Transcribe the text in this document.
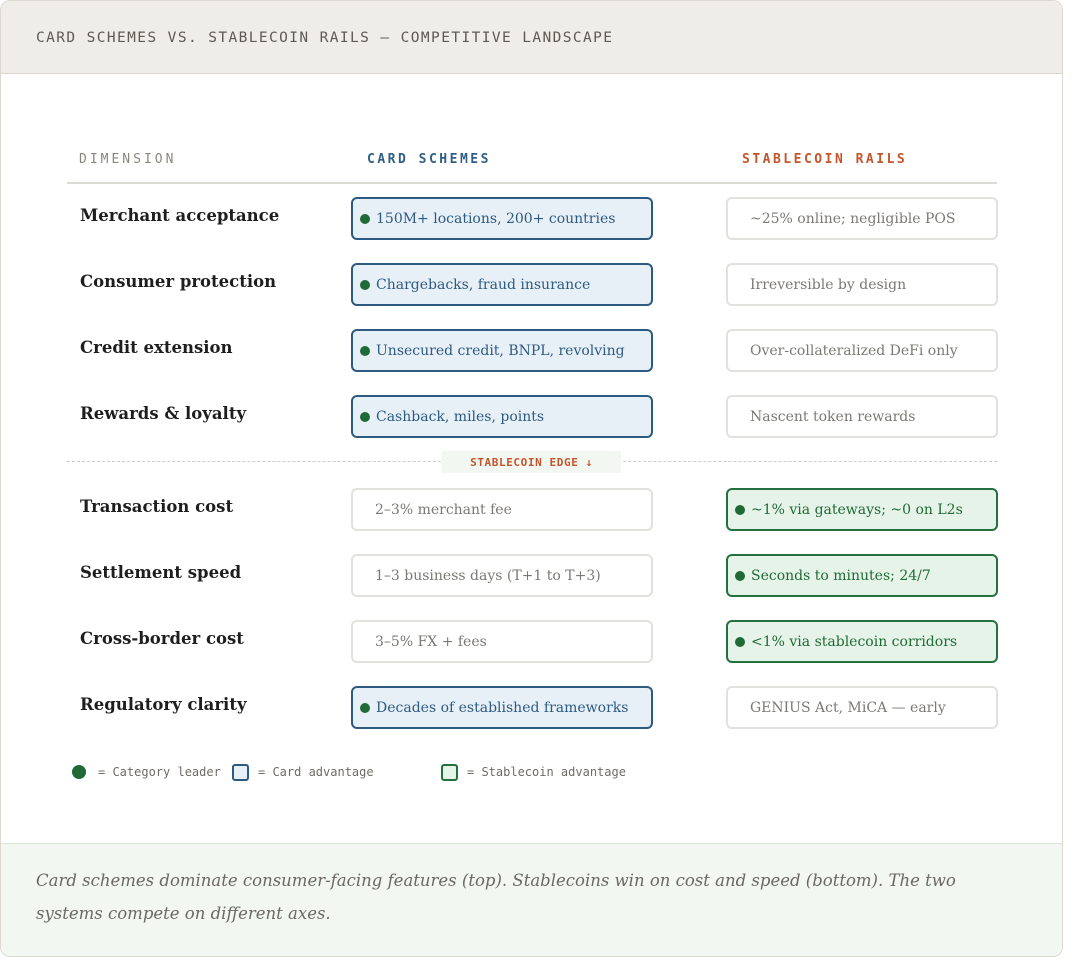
CARD SCHEMES VS. STABLECOIN RAILS — COMPETITIVE LANDSCAPE
DIMENSION	CARD SCHEMES	STABLECOIN RAILS
Merchant acceptance	150M+ locations, 200+ countries	~25% online; negligible POS
Consumer protection	Chargebacks, fraud insurance	Irreversible by design
Credit extension	Unsecured credit, BNPL, revolving	Over-collateralized DeFi only
Rewards & loyalty	Cashback, miles, points	Nascent token rewards
STABLECOIN EDGE ↓
Transaction cost	2–3% merchant fee	~1% via gateways; ~0 on L2s
Settlement speed	1–3 business days (T+1 to T+3)	Seconds to minutes; 24/7
Cross-border cost	3–5% FX + fees	<1% via stablecoin corridors
Regulatory clarity	Decades of established frameworks	GENIUS Act, MiCA — early
= Category leader	= Card advantage	= Stablecoin advantage
Card schemes dominate consumer-facing features (top). Stablecoins win on cost and speed (bottom). The two systems compete on different axes.
